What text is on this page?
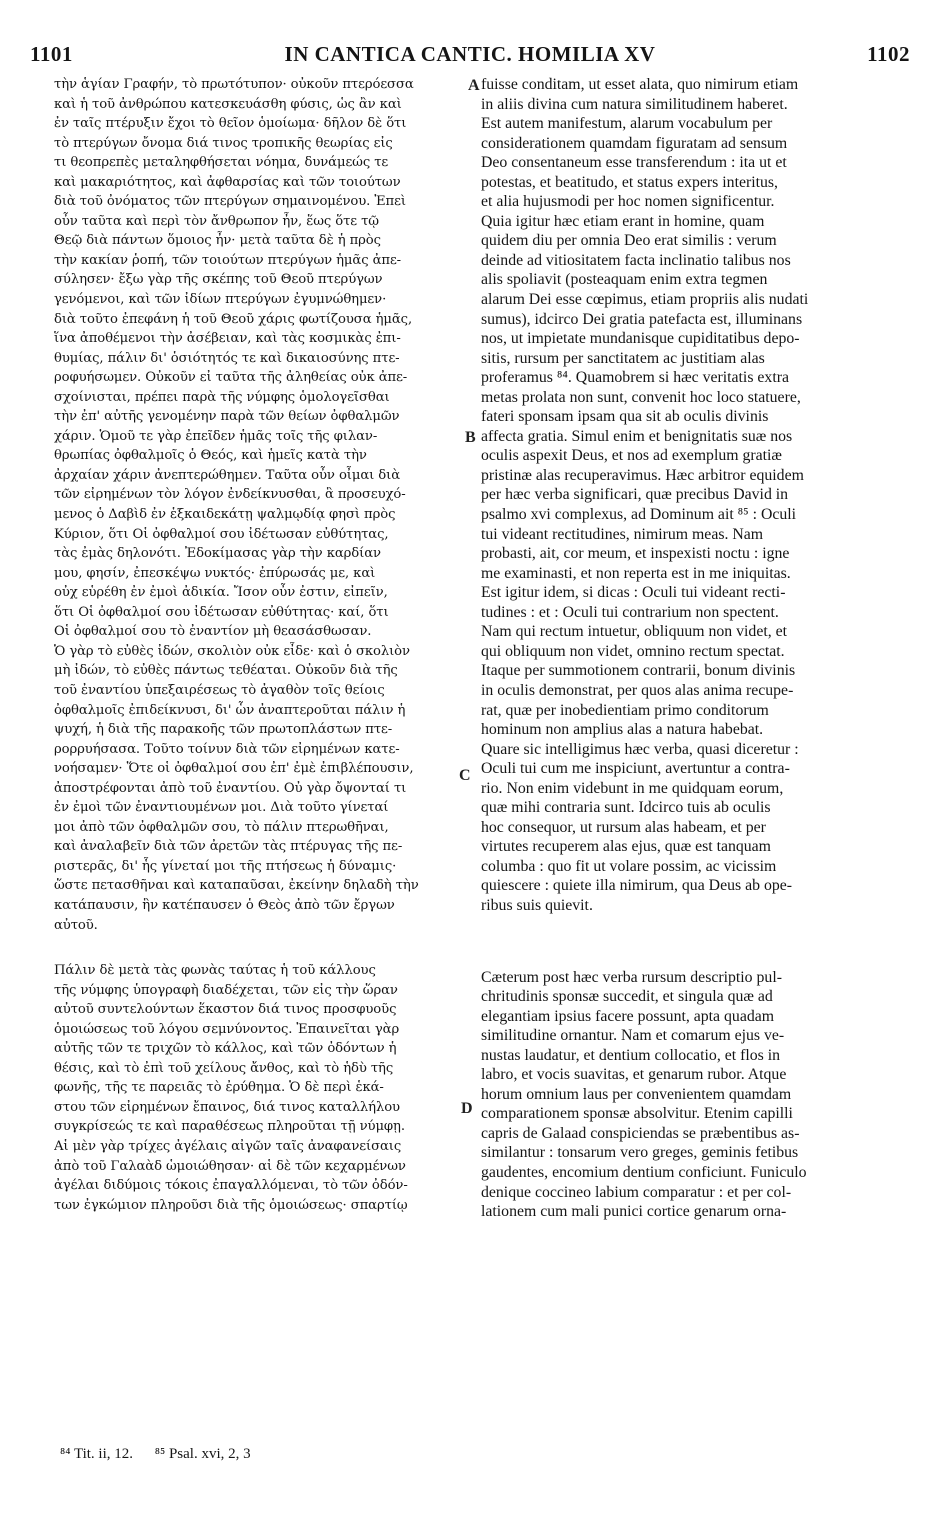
1101	IN CANTICA CANTIC. HOMILIA XV	1102
τὴν ἁγίαν Γραφήν, τὸ πρωτότυπον· οὐκοῦν πτερόεσσα
καὶ ἡ τοῦ ἀνθρώπου κατεσκευάσθη φύσις, ὡς ἂν καὶ
ἐν ταῖς πτέρυξιν ἔχοι τὸ θεῖον ὁμοίωμα· δῆλον δὲ ὅτι
τὸ πτερύγων ὄνομα διά τινος τροπικῆς θεωρίας εἰς
τι θεοπρεπὲς μεταληφθήσεται νόημα, δυνάμεώς τε
καὶ μακαριότητος, καὶ ἀφθαρσίας καὶ τῶν τοιούτων
διὰ τοῦ ὀνόματος τῶν πτερύγων σημαινομένου. Ἐπεὶ
οὖν ταῦτα καὶ περὶ τὸν ἄνθρωπον ἦν, ἕως ὅτε τῷ
Θεῷ διὰ πάντων ὅμοιος ἦν· μετὰ ταῦτα δὲ ἡ πρὸς
τὴν κακίαν ῥοπή, τῶν τοιούτων πτερύγων ἡμᾶς ἀπε-
σύλησεν· ἔξω γὰρ τῆς σκέπης τοῦ Θεοῦ πτερύγων
γενόμενοι, καὶ τῶν ἰδίων πτερύγων ἐγυμνώθημεν·
διὰ τοῦτο ἐπεφάνη ἡ τοῦ Θεοῦ χάρις φωτίζουσα ἡμᾶς,
ἵνα ἀποθέμενοι τὴν ἀσέβειαν, καὶ τὰς κοσμικὰς ἐπι-
θυμίας, πάλιν δι' ὁσιότητός τε καὶ δικαιοσύνης πτε-
ροφυήσωμεν. Οὐκοῦν εἰ ταῦτα τῆς ἀληθείας οὐκ ἀπε-
σχοίνισται, πρέπει παρὰ τῆς νύμφης ὁμολογεῖσθαι
τὴν ἐπ' αὐτῆς γενομένην παρὰ τῶν θείων ὀφθαλμῶν
χάριν. Ὁμοῦ τε γὰρ ἐπεῖδεν ἡμᾶς τοῖς τῆς φιλαν-
θρωπίας ὀφθαλμοῖς ὁ Θεός, καὶ ἡμεῖς κατὰ τὴν
ἀρχαίαν χάριν ἀνεπτερώθημεν. Ταῦτα οὖν οἶμαι διὰ
τῶν εἰρημένων τὸν λόγον ἐνδείκνυσθαι, ἃ προσευχό-
μενος ὁ Δαβὶδ ἐν ἑξκαιδεκάτῃ ψαλμῳδίᾳ φησὶ πρὸς
Κύριον, ὅτι Οἱ ὀφθαλμοί σου ἰδέτωσαν εὐθύτητας,
τὰς ἐμὰς δηλονότι. Ἐδοκίμασας γὰρ τὴν καρδίαν
μου, φησίν, ἐπεσκέψω νυκτός· ἐπύρωσάς με, καὶ
οὐχ εὑρέθη ἐν ἐμοὶ ἀδικία. Ἴσον οὖν ἐστιν, εἰπεῖν,
ὅτι Οἱ ὀφθαλμοί σου ἰδέτωσαν εὐθύτητας· καί, ὅτι
Οἱ ὀφθαλμοί σου τὸ ἐναντίον μὴ θεασάσθωσαν.
Ὁ γὰρ τὸ εὐθὲς ἰδών, σκολιὸν οὐκ εἶδε· καὶ ὁ σκολιὸν
μὴ ἰδών, τὸ εὐθὲς πάντως τεθέαται. Οὐκοῦν διὰ τῆς
τοῦ ἐναντίου ὑπεξαιρέσεως τὸ ἀγαθὸν τοῖς θείοις
ὀφθαλμοῖς ἐπιδείκνυσι, δι' ὧν ἀναπτεροῦται πάλιν ἡ
ψυχή, ἡ διὰ τῆς παρακοῆς τῶν πρωτοπλάστων πτε-
ρορρυήσασα. Τοῦτο τοίνυν διὰ τῶν εἰρημένων κατε-
νοήσαμεν· Ὅτε οἱ ὀφθαλμοί σου ἐπ' ἐμὲ ἐπιβλέπουσιν,
ἀποστρέφονται ἀπὸ τοῦ ἐναντίου. Οὐ γὰρ ὄψονταί τι
ἐν ἐμοὶ τῶν ἐναντιουμένων μοι. Διὰ τοῦτο γίνεταί
μοι ἀπὸ τῶν ὀφθαλμῶν σου, τὸ πάλιν πτερωθῆναι,
καὶ ἀναλαβεῖν διὰ τῶν ἀρετῶν τὰς πτέρυγας τῆς πε-
ριστερᾶς, δι' ἧς γίνεταί μοι τῆς πτήσεως ἡ δύναμις·
ὥστε πετασθῆναι καὶ καταπαῦσαι, ἐκείνην δηλαδὴ τὴν
κατάπαυσιν, ἣν κατέπαυσεν ὁ Θεὸς ἀπὸ τῶν ἔργων
αὐτοῦ.
Πάλιν δὲ μετὰ τὰς φωνὰς ταύτας ἡ τοῦ κάλλους
τῆς νύμφης ὑπογραφὴ διαδέχεται, τῶν εἰς τὴν ὥραν
αὐτοῦ συντελούντων ἕκαστον διά τινος προσφυοῦς
ὁμοιώσεως τοῦ λόγου σεμνύνοντος. Ἐπαινεῖται γὰρ
αὐτῆς τῶν τε τριχῶν τὸ κάλλος, καὶ τῶν ὀδόντων ἡ
θέσις, καὶ τὸ ἐπὶ τοῦ χείλους ἄνθος, καὶ τὸ ἡδὺ τῆς
φωνῆς, τῆς τε παρειᾶς τὸ ἐρύθημα. Ὁ δὲ περὶ ἑκά-
στου τῶν εἰρημένων ἔπαινος, διά τινος καταλλήλου
συγκρίσεώς τε καὶ παραθέσεως πληροῦται τῇ νύμφῃ.
Αἱ μὲν γὰρ τρίχες ἀγέλαις αἰγῶν ταῖς ἀναφανείσαις
ἀπὸ τοῦ Γαλαὰδ ὡμοιώθησαν· αἱ δὲ τῶν κεχαρμένων
ἀγέλαι διδύμοις τόκοις ἐπαγαλλόμεναι, τὸ τῶν ὀδόν-
των ἐγκώμιον πληροῦσι διὰ τῆς ὁμοιώσεως· σπαρτίῳ
fuisse conditam, ut esset alata, quo nimirum etiam
in aliis divina cum natura similitudinem haberet.
Est autem manifestum, alarum vocabulum per
considerationem quamdam figuratam ad sensum
Deo consentaneum esse transferendum : ita ut et
potestas, et beatitudo, et status expers interitus,
et alia hujusmodi per hoc nomen significentur.
Quia igitur hæc etiam erant in homine, quam
quidem diu per omnia Deo erat similis : verum
deinde ad vitiositatem facta inclinatio talibus nos
alis spoliavit (posteaquam enim extra tegmen
alarum Dei esse cœpimus, etiam propriis alis nudati
sumus), idcirco Dei gratia patefacta est, illuminans
nos, ut impietate mundanisque cupiditatibus depo-
sitis, rursum per sanctitatem ac justitiam alas
proferamus ⁸⁴. Quamobrem si hæc veritatis extra
metas prolata non sunt, convenit hoc loco statuere,
fateri sponsam ipsam qua sit ab oculis divinis
affecta gratia. Simul enim et benignitatis suæ nos
oculis aspexit Deus, et nos ad exemplum gratiæ
pristinæ alas recuperavimus. Hæc arbitror equidem
per hæc verba significari, quæ precibus David in
psalmo xvi complexus, ad Dominum ait ⁸⁵ : Oculi
tui videant rectitudines, nimirum meas. Nam
probasti, ait, cor meum, et inspexisti noctu : igne
me examinasti, et non reperta est in me iniquitas.
Est igitur idem, si dicas : Oculi tui videant recti-
tudines : et : Oculi tui contrarium non spectent.
Nam qui rectum intuetur, obliquum non videt, et
qui obliquum non videt, omnino rectum spectat.
Itaque per summotionem contrarii, bonum divinis
in oculis demonstrat, per quos alas anima recupe-
rat, quæ per inobedientiam primo conditorum
hominum non amplius alas a natura habebat.
Quare sic intelligimus hæc verba, quasi diceretur :
Oculi tui cum me inspiciunt, avertuntur a contra-
rio. Non enim videbunt in me quidquam eorum,
quæ mihi contraria sunt. Idcirco tuis ab oculis
hoc consequor, ut rursum alas habeam, et per
virtutes recuperem alas ejus, quæ est tanquam
columba : quo fit ut volare possim, ac vicissim
quiescere : quiete illa nimirum, qua Deus ab ope-
ribus suis quievit.
Cæterum post hæc verba rursum descriptio pul-
chritudinis sponsæ succedit, et singula quæ ad
elegantiam ipsius facere possunt, apta quadam
similitudine ornantur. Nam et comarum ejus ve-
nustas laudatur, et dentium collocatio, et flos in
labro, et vocis suavitas, et genarum rubor. Atque
horum omnium laus per convenientem quamdam
comparationem sponsæ absolvitur. Etenim capilli
capris de Galaad conspiciendas se præbentibus as-
similantur : tonsarum vero greges, geminis fetibus
gaudentes, encomium dentium conficiunt. Funiculo
denique coccineo labium comparatur : et per col-
lationem cum mali punici cortice genarum orna-
A
B
C
D
⁸⁴ Tit. ii, 12. ⁸⁵ Psal. xvi, 2, 3
